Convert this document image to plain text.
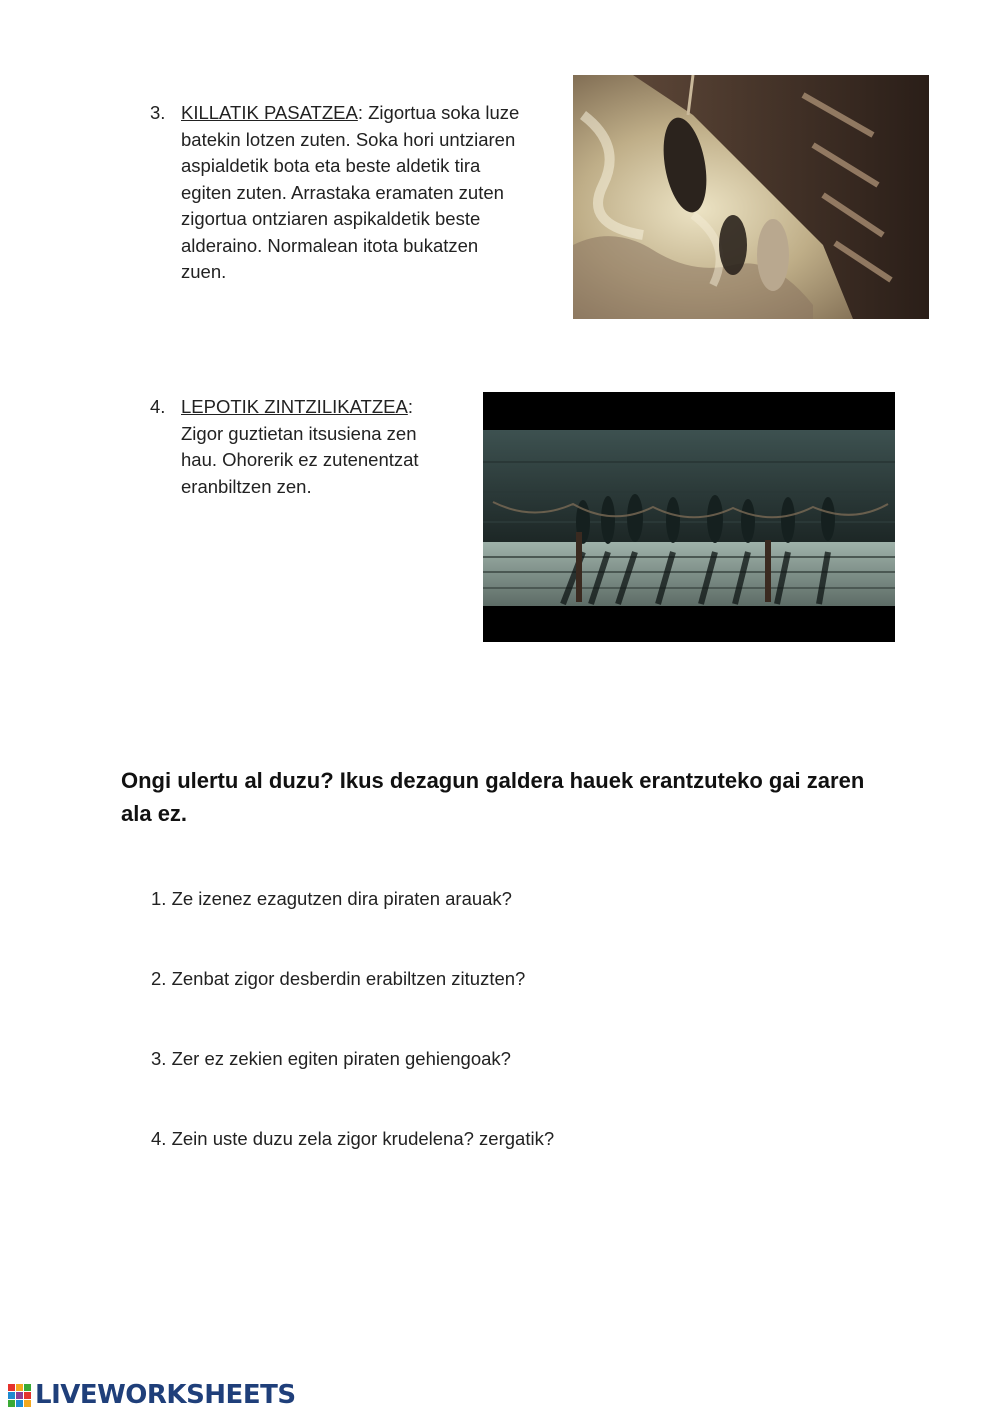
3. KILLATIK PASATZEA: Zigortua soka luze
batekin lotzen zuten. Soka hori untziaren
aspialdetik bota eta beste aldetik tira
egiten zuten. Arrastaka eramaten zuten
zigortua ontziaren aspikaldetik beste
alderaino. Normalean itota bukatzen
zuen.
4. LEPOTIK ZINTZILIKATZEA:
Zigor guztietan itsusiena zen
hau. Ohorerik ez zutenentzat
eranbiltzen zen.
Ongi ulertu al duzu? Ikus dezagun galdera hauek erantzuteko gai zaren ala ez.
1. Ze izenez ezagutzen dira piraten arauak?
2. Zenbat zigor desberdin erabiltzen zituzten?
3. Zer ez zekien egiten piraten gehiengoak?
4. Zein uste duzu zela zigor krudelena? zergatik?
LIVEWORKSHEETS
